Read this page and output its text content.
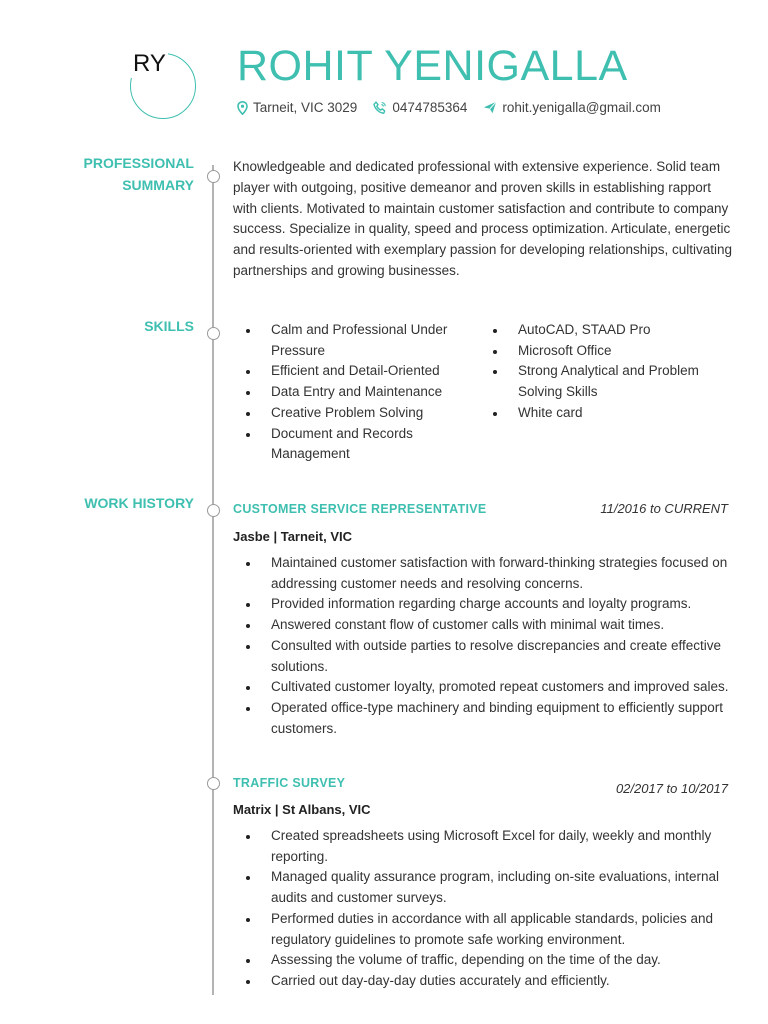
RY ROHIT YENIGALLA
Tarneit, VIC 3029	0474785364	rohit.yenigalla@gmail.com
PROFESSIONAL
SUMMARY

Knowledgeable and dedicated professional with extensive experience. Solid team player with outgoing, positive demeanor and proven skills in establishing rapport with clients. Motivated to maintain customer satisfaction and contribute to company success. Specialize in quality, speed and process optimization. Articulate, energetic and results-oriented with exemplary passion for developing relationships, cultivating partnerships and growing businesses.

SKILLS	Calm and Professional Under Pressure
Efficient and Detail-Oriented
Data Entry and Maintenance
Creative Problem Solving
Document and Records Management
AutoCAD, STAAD Pro
Microsoft Office
Strong Analytical and Problem Solving Skills
White card
WORK HISTORY	CUSTOMER SERVICE REPRESENTATIVE	11/2016 to CURRENT
Jasbe | Tarneit, VIC
Maintained customer satisfaction with forward-thinking strategies focused on addressing customer needs and resolving concerns.
Provided information regarding charge accounts and loyalty programs.
Answered constant flow of customer calls with minimal wait times.
Consulted with outside parties to resolve discrepancies and create effective solutions.
Cultivated customer loyalty, promoted repeat customers and improved sales.
Operated office-type machinery and binding equipment to efficiently support customers.
TRAFFIC SURVEY	02/2017 to 10/2017
Matrix | St Albans, VIC
Created spreadsheets using Microsoft Excel for daily, weekly and monthly reporting.
Managed quality assurance program, including on-site evaluations, internal audits and customer surveys.
Performed duties in accordance with all applicable standards, policies and regulatory guidelines to promote safe working environment.
Assessing the volume of traffic, depending on the time of the day.
Carried out day-day-day duties accurately and efficiently.
